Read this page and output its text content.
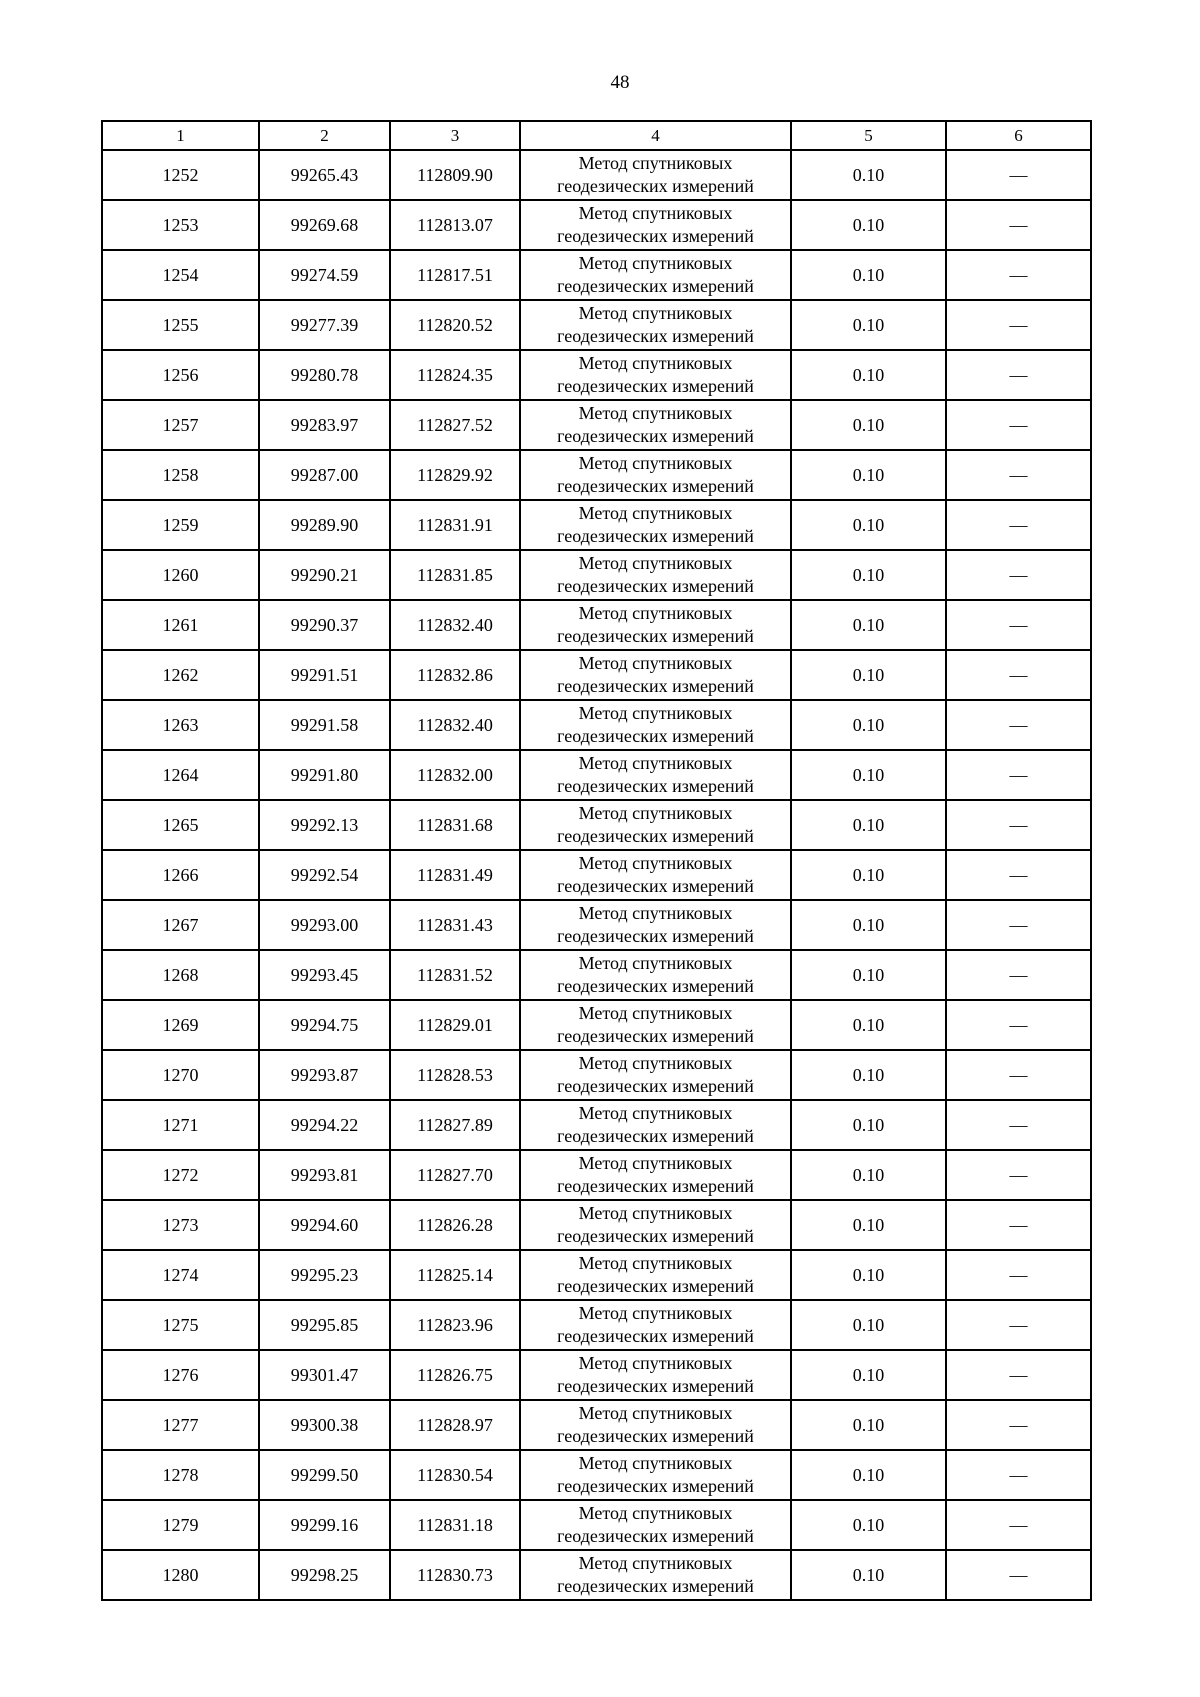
48
1	2	3	4	5	6
1252	99265.43	112809.90	Метод спутниковых
геодезических измерений	0.10	—
1253	99269.68	112813.07	Метод спутниковых
геодезических измерений	0.10	—
1254	99274.59	112817.51	Метод спутниковых
геодезических измерений	0.10	—
1255	99277.39	112820.52	Метод спутниковых
геодезических измерений	0.10	—
1256	99280.78	112824.35	Метод спутниковых
геодезических измерений	0.10	—
1257	99283.97	112827.52	Метод спутниковых
геодезических измерений	0.10	—
1258	99287.00	112829.92	Метод спутниковых
геодезических измерений	0.10	—
1259	99289.90	112831.91	Метод спутниковых
геодезических измерений	0.10	—
1260	99290.21	112831.85	Метод спутниковых
геодезических измерений	0.10	—
1261	99290.37	112832.40	Метод спутниковых
геодезических измерений	0.10	—
1262	99291.51	112832.86	Метод спутниковых
геодезических измерений	0.10	—
1263	99291.58	112832.40	Метод спутниковых
геодезических измерений	0.10	—
1264	99291.80	112832.00	Метод спутниковых
геодезических измерений	0.10	—
1265	99292.13	112831.68	Метод спутниковых
геодезических измерений	0.10	—
1266	99292.54	112831.49	Метод спутниковых
геодезических измерений	0.10	—
1267	99293.00	112831.43	Метод спутниковых
геодезических измерений	0.10	—
1268	99293.45	112831.52	Метод спутниковых
геодезических измерений	0.10	—
1269	99294.75	112829.01	Метод спутниковых
геодезических измерений	0.10	—
1270	99293.87	112828.53	Метод спутниковых
геодезических измерений	0.10	—
1271	99294.22	112827.89	Метод спутниковых
геодезических измерений	0.10	—
1272	99293.81	112827.70	Метод спутниковых
геодезических измерений	0.10	—
1273	99294.60	112826.28	Метод спутниковых
геодезических измерений	0.10	—
1274	99295.23	112825.14	Метод спутниковых
геодезических измерений	0.10	—
1275	99295.85	112823.96	Метод спутниковых
геодезических измерений	0.10	—
1276	99301.47	112826.75	Метод спутниковых
геодезических измерений	0.10	—
1277	99300.38	112828.97	Метод спутниковых
геодезических измерений	0.10	—
1278	99299.50	112830.54	Метод спутниковых
геодезических измерений	0.10	—
1279	99299.16	112831.18	Метод спутниковых
геодезических измерений	0.10	—
1280	99298.25	112830.73	Метод спутниковых
геодезических измерений	0.10	—
